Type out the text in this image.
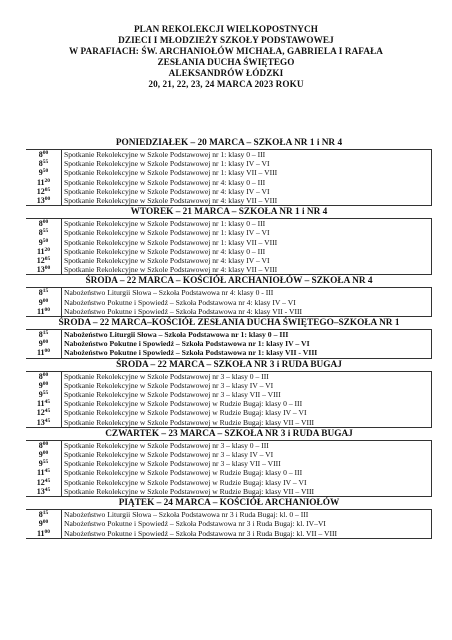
PLAN REKOLEKCJI WIELKOPOSTNYCH
DZIECI I MŁODZIEŻY SZKOŁY PODSTAWOWEJ
W PARAFIACH: ŚW. ARCHANIOŁÓW MICHAŁA, GABRIELA I RAFAŁA
ZESŁANIA DUCHA ŚWIĘTEGO
ALEKSANDRÓW ŁÓDZKI
20, 21, 22, 23, 24 MARCA 2023 ROKU
PONIEDZIAŁEK – 20 MARCA – SZKOŁA NR 1 i NR 4
$8^{00}$	Spotkanie Rekolekcyjne w Szkole Podstawowej nr 1: klasy 0 – III
$8^{55}$	Spotkanie Rekolekcyjne w Szkole Podstawowej nr 1: klasy IV – VI
$9^{50}$	Spotkanie Rekolekcyjne w Szkole Podstawowej nr 1: klasy VII – VIII
$11^{20}$	Spotkanie Rekolekcyjne w Szkole Podstawowej nr 4: klasy 0 – III
$12^{05}$	Spotkanie Rekolekcyjne w Szkole Podstawowej nr 4: klasy IV – VI
$13^{00}$	Spotkanie Rekolekcyjne w Szkole Podstawowej nr 4: klasy VII – VIII
WTOREK – 21 MARCA – SZKOŁA NR 1 i NR 4
$8^{00}$	Spotkanie Rekolekcyjne w Szkole Podstawowej nr 1: klasy 0 – III
$8^{55}$	Spotkanie Rekolekcyjne w Szkole Podstawowej nr 1: klasy IV – VI
$9^{50}$	Spotkanie Rekolekcyjne w Szkole Podstawowej nr 1: klasy VII – VIII
$11^{20}$	Spotkanie Rekolekcyjne w Szkole Podstawowej nr 4: klasy 0 – III
$12^{05}$	Spotkanie Rekolekcyjne w Szkole Podstawowej nr 4: klasy IV – VI
$13^{00}$	Spotkanie Rekolekcyjne w Szkole Podstawowej nr 4: klasy VII – VIII
ŚRODA – 22 MARCA – KOŚCIÓŁ ARCHANIOŁÓW – SZKOŁA NR 4
$8^{15}$	Nabożeństwo Liturgii Słowa – Szkoła Podstawowa nr 4: klasy 0 - III
$9^{00}$	Nabożeństwo Pokutne i Spowiedź – Szkoła Podstawowa nr 4: klasy IV – VI
$11^{00}$	Nabożeństwo Pokutne i Spowiedź – Szkoła Podstawowa nr 4: klasy VII - VIII
ŚRODA – 22 MARCA–KOŚCIÓŁ ZESŁANIA DUCHA ŚWIĘTEGO–SZKOŁA NR 1
$8^{15}$	Nabożeństwo Liturgii Słowa – Szkoła Podstawowa nr 1: klasy 0 – III
$9^{00}$	Nabożeństwo Pokutne i Spowiedź – Szkoła Podstawowa nr 1: klasy IV – VI
$11^{00}$	Nabożeństwo Pokutne i Spowiedź – Szkoła Podstawowa nr 1: klasy VII - VIII
ŚRODA – 22 MARCA – SZKOŁA NR 3 i RUDA BUGAJ
$8^{00}$	Spotkanie Rekolekcyjne w Szkole Podstawowej nr 3 – klasy 0 – III
$9^{00}$	Spotkanie Rekolekcyjne w Szkole Podstawowej nr 3 – klasy IV – VI
$9^{55}$	Spotkanie Rekolekcyjne w Szkole Podstawowej nr 3 – klasy VII – VIII
$11^{45}$	Spotkanie Rekolekcyjne w Szkole Podstawowej w Rudzie Bugaj: klasy 0 – III
$12^{45}$	Spotkanie Rekolekcyjne w Szkole Podstawowej w Rudzie Bugaj: klasy IV – VI
$13^{45}$	Spotkanie Rekolekcyjne w Szkole Podstawowej w Rudzie Bugaj: klasy VII – VIII
CZWARTEK – 23 MARCA – SZKOŁA NR 3 i RUDA BUGAJ
$8^{00}$	Spotkanie Rekolekcyjne w Szkole Podstawowej nr 3 – klasy 0 – III
$9^{00}$	Spotkanie Rekolekcyjne w Szkole Podstawowej nr 3 – klasy IV – VI
$9^{55}$	Spotkanie Rekolekcyjne w Szkole Podstawowej nr 3 – klasy VII – VIII
$11^{45}$	Spotkanie Rekolekcyjne w Szkole Podstawowej w Rudzie Bugaj: klasy 0 – III
$12^{45}$	Spotkanie Rekolekcyjne w Szkole Podstawowej w Rudzie Bugaj: klasy IV – VI
$13^{45}$	Spotkanie Rekolekcyjne w Szkole Podstawowej w Rudzie Bugaj: klasy VII – VIII
PIĄTEK – 24 MARCA – KOŚCIÓŁ ARCHANIOŁÓW
$8^{15}$	Nabożeństwo Liturgii Słowa – Szkoła Podstawowa nr 3 i Ruda Bugaj: kl. 0 – III
$9^{00}$	Nabożeństwo Pokutne i Spowiedź – Szkoła Podstawowa nr 3 i Ruda Bugaj: kl. IV–VI
$11^{00}$	Nabożeństwo Pokutne i Spowiedź – Szkoła Podstawowa nr 3 i Ruda Bugaj: kl. VII – VIII
